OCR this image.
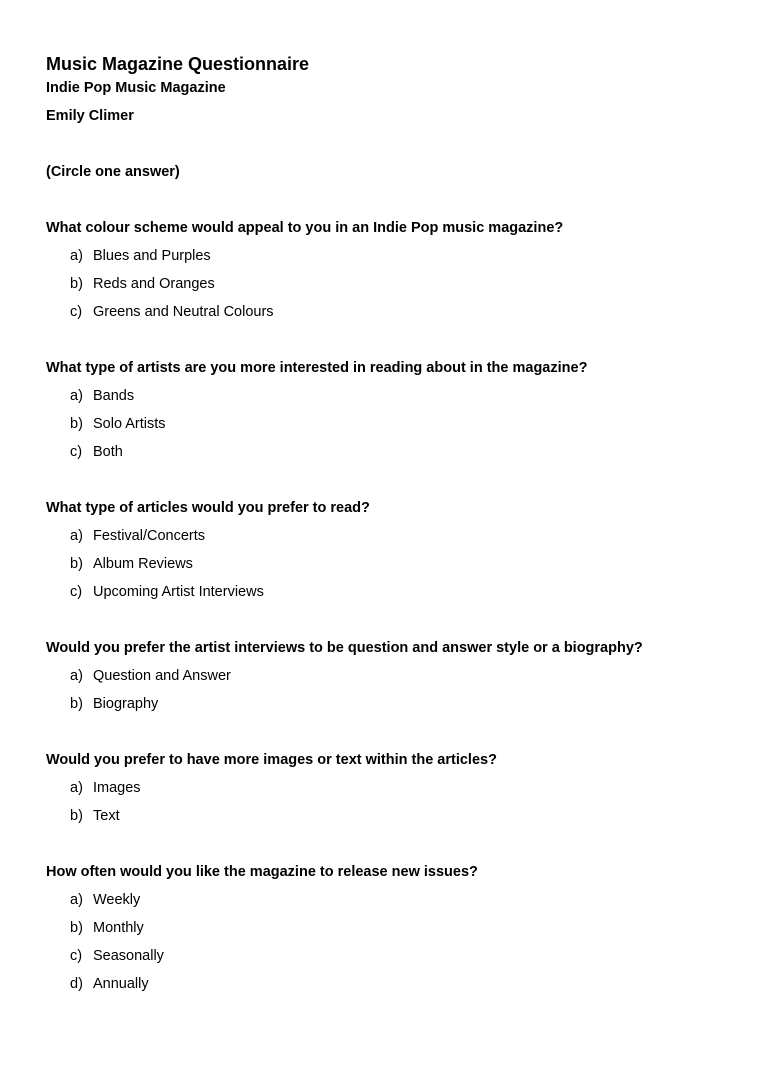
Music Magazine Questionnaire
Indie Pop Music Magazine
Emily Climer
(Circle one answer)
What colour scheme would appeal to you in an Indie Pop music magazine?
a) Blues and Purples
b) Reds and Oranges
c) Greens and Neutral Colours
What type of artists are you more interested in reading about in the magazine?
a) Bands
b) Solo Artists
c) Both
What type of articles would you prefer to read?
a) Festival/Concerts
b) Album Reviews
c) Upcoming Artist Interviews
Would you prefer the artist interviews to be question and answer style or a biography?
a) Question and Answer
b) Biography
Would you prefer to have more images or text within the articles?
a) Images
b) Text
How often would you like the magazine to release new issues?
a) Weekly
b) Monthly
c) Seasonally
d) Annually
